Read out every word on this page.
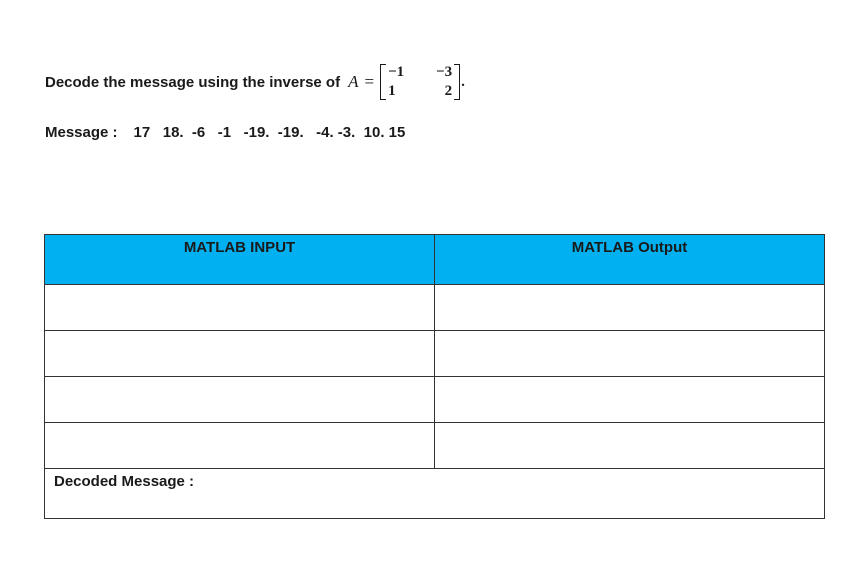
Decode the message using the inverse of A = −1	−3
1	2
.
Message : 17   18.  -6   -1   -19.  -19.   -4. -3.  10. 15
MATLAB INPUT	MATLAB Output

Decoded Message :	
